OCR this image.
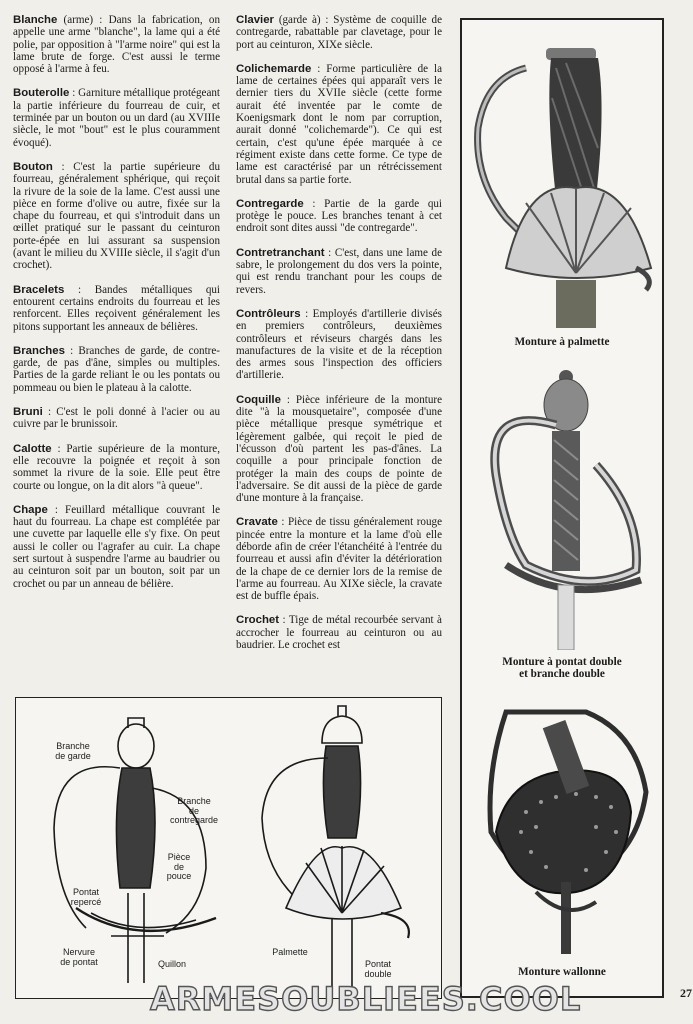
Blanche (arme) : Dans la fabrication, on appelle une arme "blanche", la lame qui a été polie, par opposition à "l'arme noire" qui est la lame brute de forge. C'est aussi le terme opposé à l'arme à feu.

Bouterolle : Garniture métallique protégeant la partie inférieure du fourreau de cuir, et terminée par un bouton ou un dard (au XVIIIe siècle, le mot "bout" est le plus couramment évoqué).

Bouton : C'est la partie supérieure du fourreau, généralement sphérique, qui reçoit la rivure de la soie de la lame. C'est aussi une pièce en forme d'olive ou autre, fixée sur la chape du fourreau, et qui s'introduit dans un œillet pratiqué sur le passant du ceinturon porte-épée en lui assurant sa suspension (avant le milieu du XVIIIe siècle, il s'agit d'un crochet).

Bracelets : Bandes métalliques qui entourent certains endroits du fourreau et les renforcent. Elles reçoivent généralement les pitons supportant les anneaux de bélières.

Branches : Branches de garde, de contre-garde, de pas d'âne, simples ou multiples. Parties de la garde reliant le ou les pontats ou pommeau ou bien le plateau à la calotte.

Bruni : C'est le poli donné à l'acier ou au cuivre par le brunissoir.

Calotte : Partie supérieure de la monture, elle recouvre la poignée et reçoit à son sommet la rivure de la soie. Elle peut être courte ou longue, on la dit alors "à queue".

Chape : Feuillard métallique couvrant le haut du fourreau. La chape est complétée par une cuvette par laquelle elle s'y fixe. On peut aussi le coller ou l'agrafer au cuir. La chape sert surtout à suspendre l'arme au baudrier ou au ceinturon soit par un bouton, soit par un crochet ou par un anneau de bélière.

Clavier (garde à) : Système de coquille de contregarde, rabattable par clavetage, pour le port au ceinturon, XIXe siècle.

Colichemarde : Forme particulière de la lame de certaines épées qui apparaît vers le dernier tiers du XVIIe siècle (cette forme aurait été inventée par le comte de Koenigsmark dont le nom par corruption, aurait donné "colichemarde"). Ce qui est certain, c'est qu'une épée marquée à ce régiment existe dans cette forme. Ce type de lame est caractérisé par un rétrécissement brutal dans sa partie forte.

Contregarde : Partie de la garde qui protège le pouce. Les branches tenant à cet endroit sont dites aussi "de contregarde".

Contretranchant : C'est, dans une lame de sabre, le prolongement du dos vers la pointe, qui est rendu tranchant pour les coups de revers.

Contrôleurs : Employés d'artillerie divisés en premiers contrôleurs, deuxièmes contrôleurs et réviseurs chargés dans les manufactures de la visite et de la réception des armes sous l'inspection des officiers d'artillerie.

Coquille : Pièce inférieure de la monture dite "à la mousquetaire", composée d'une pièce métallique presque symétrique et légèrement galbée, qui reçoit le pied de l'écusson d'où partent les pas-d'ânes. La coquille a pour principale fonction de protéger la main des coups de pointe de l'adversaire. Se dit aussi de la pièce de garde d'une monture à la française.

Cravate : Pièce de tissu généralement rouge pincée entre la monture et la lame d'où elle déborde afin de créer l'étanchéité à l'entrée du fourreau et aussi afin d'éviter la détérioration de la chape de ce dernier lors de la remise de l'arme au fourreau. Au XIXe siècle, la cravate est de buffle épais.

Crochet : Tige de métal recourbée servant à accrocher le fourreau au ceinturon ou au baudrier. Le crochet est

Monture à palmette
Monture à pontat double
et branche double
Monture wallonne
Branche
de garde
Branche
de
contregarde
Pièce
de
pouce
Pontat
repercé
Nervure
de pontat	Quillon
Palmette
Pontat
double
ARMESOUBLIEES.COOL	27
